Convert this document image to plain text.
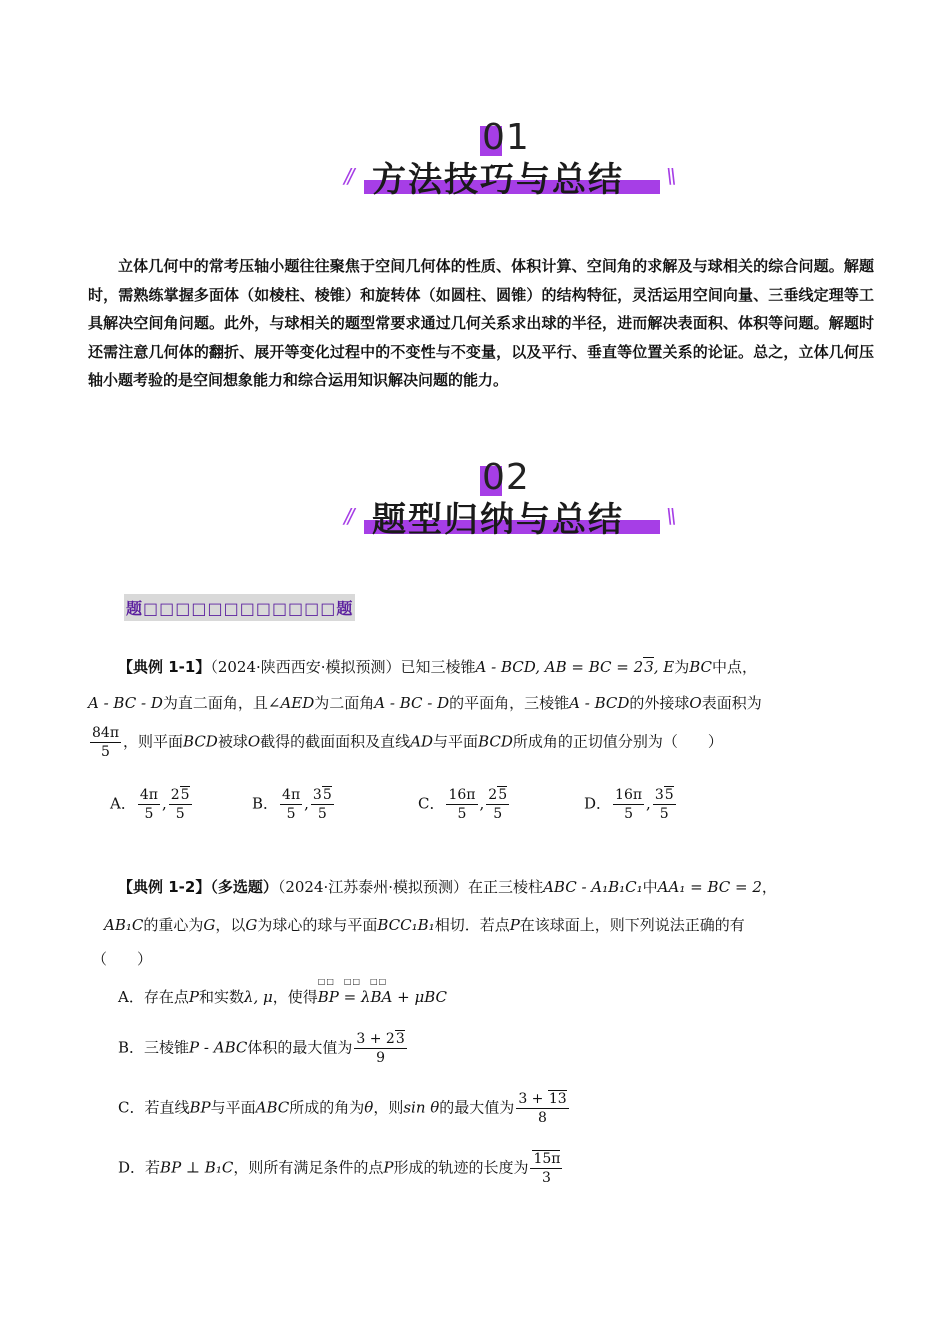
01
方法技巧与总结
//	\\

立体几何中的常考压轴小题往往聚焦于空间几何体的性质、体积计算、空间角的求解及与球相关的综合问题。解题时，需熟练掌握多面体（如棱柱、棱锥）和旋转体（如圆柱、圆锥）的结构特征，灵活运用空间向量、三垂线定理等工具解决空间角问题。此外，与球相关的题型常要求通过几何关系求出球的半径，进而解决表面积、体积等问题。解题时还需注意几何体的翻折、展开等变化过程中的不变性与不变量，以及平行、垂直等位置关系的论证。总之，立体几何压轴小题考验的是空间想象能力和综合运用知识解决问题的能力。

02
题型归纳与总结
//	\\
题□□□□□□□□□□□□题
【典例 1-1】（2024·陕西西安·模拟预测）已知三棱锥A - BCD, AB = BC = 23, E为BC中点，
A - BC - D为直二面角，且∠AED为二面角A - BC - D的平面角，三棱锥A - BCD的外接球O表面积为
$\frac{84\pi}{5}$ ，则平面BCD被球O截得的截面面积及直线AD与平面BCD所成角的正切值分别为（　　）
A． $\frac{4\pi}{5}$ , $\frac{25}{5}$	B． $\frac{4\pi}{5}$ , $\frac{35}{5}$	C． $\frac{16\pi}{5}$ , $\frac{25}{5}$	D． $\frac{16\pi}{5}$ , $\frac{35}{5}$
【典例 1-2】（多选题）（2024·江苏泰州·模拟预测）在正三棱柱ABC - A₁B₁C₁中AA₁ = BC = 2，
AB₁C的重心为G，以G为球心的球与平面BCC₁B₁相切．若点P在该球面上，则下列说法正确的有
（　　）
A．存在点P和实数λ, μ，使得
□□　□□　□□
BP = λBA + μBC
B．三棱锥P - ABC体积的最大值为 $\frac{3 + 23}{9}$
C．若直线BP与平面ABC所成的角为θ，则sin θ的最大值为 $\frac{3 + 13}{8}$
D．若BP ⊥ B₁C，则所有满足条件的点P形成的轨迹的长度为 $\frac{15\pi}{3}$
